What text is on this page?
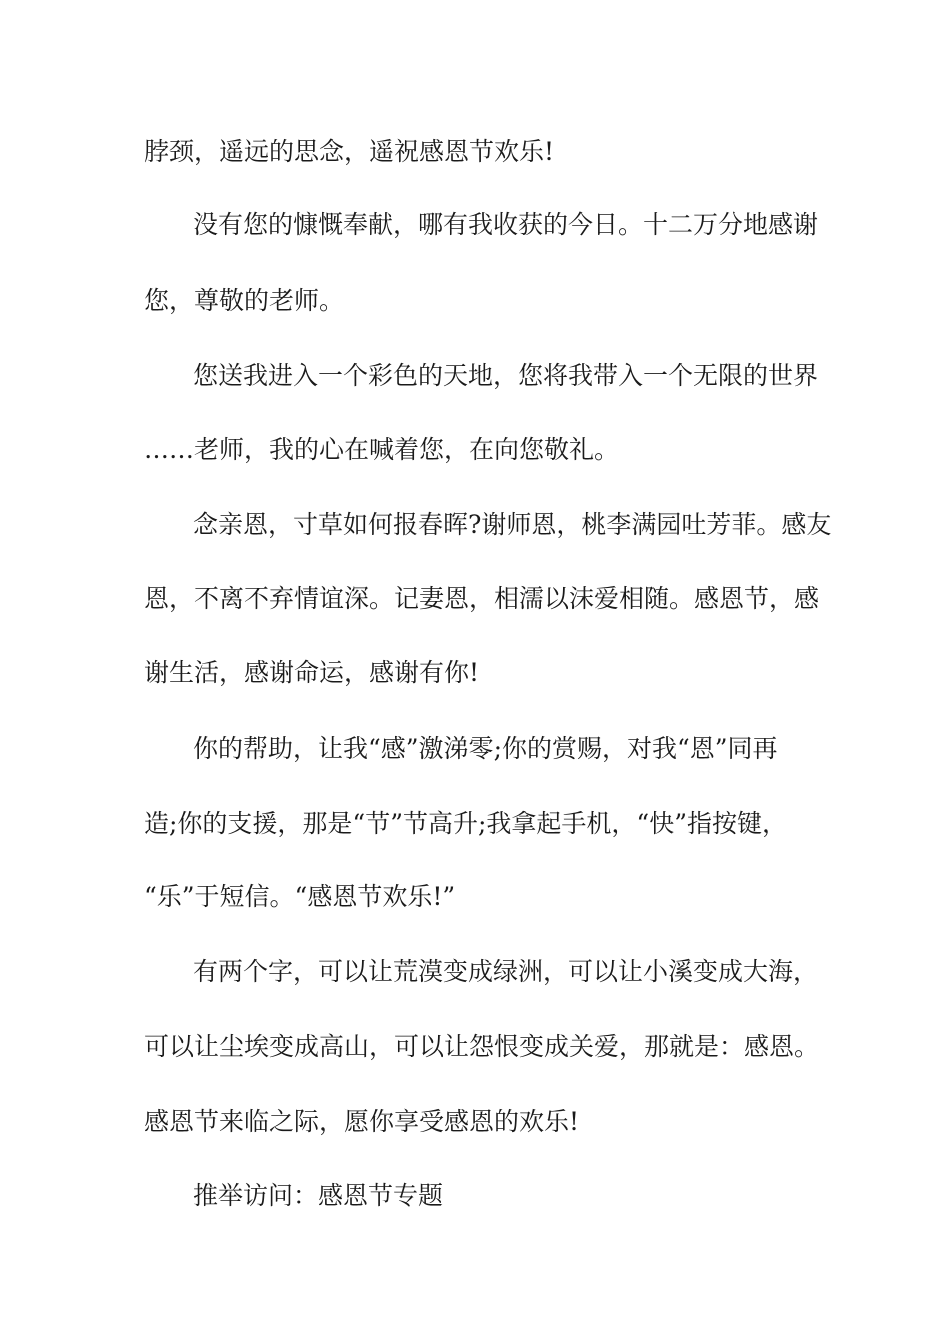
脖颈，遥远的思念，遥祝感恩节欢乐!
没有您的慷慨奉献，哪有我收获的今日。十二万分地感谢
您，尊敬的老师。
您送我进入一个彩色的天地，您将我带入一个无限的世界
……老师，我的心在喊着您，在向您敬礼。
念亲恩，寸草如何报春晖?谢师恩，桃李满园吐芳菲。感友
恩，不离不弃情谊深。记妻恩，相濡以沫爱相随。感恩节，感
谢生活，感谢命运，感谢有你!
你的帮助，让我“感”激涕零;你的赏赐，对我“恩”同再
造;你的支援，那是“节”节高升;我拿起手机，“快”指按键，
“乐”于短信。“感恩节欢乐!”
有两个字，可以让荒漠变成绿洲，可以让小溪变成大海，
可以让尘埃变成高山，可以让怨恨变成关爱，那就是：感恩。
感恩节来临之际，愿你享受感恩的欢乐!
推举访问：感恩节专题
